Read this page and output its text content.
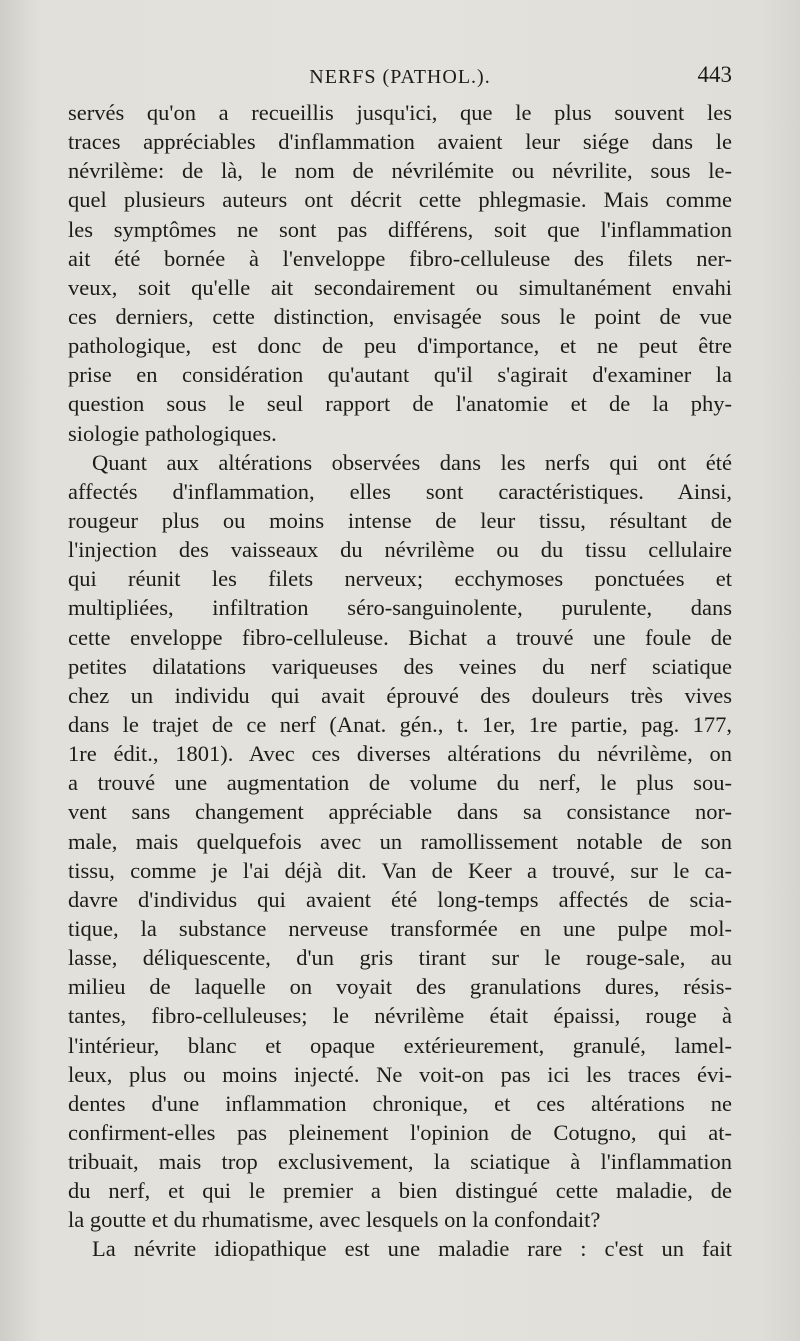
NERFS (PATHOL.).	443
servés qu'on a recueillis jusqu'ici, que le plus souvent les
traces appréciables d'inflammation avaient leur siége dans le
névrilème: de là, le nom de névrilémite ou névrilite, sous le-
quel plusieurs auteurs ont décrit cette phlegmasie. Mais comme
les symptômes ne sont pas différens, soit que l'inflammation
ait été bornée à l'enveloppe fibro-celluleuse des filets ner-
veux, soit qu'elle ait secondairement ou simultanément envahi
ces derniers, cette distinction, envisagée sous le point de vue
pathologique, est donc de peu d'importance, et ne peut être
prise en considération qu'autant qu'il s'agirait d'examiner la
question sous le seul rapport de l'anatomie et de la phy-
siologie pathologiques.
Quant aux altérations observées dans les nerfs qui ont été
affectés d'inflammation, elles sont caractéristiques. Ainsi,
rougeur plus ou moins intense de leur tissu, résultant de
l'injection des vaisseaux du névrilème ou du tissu cellulaire
qui réunit les filets nerveux; ecchymoses ponctuées et
multipliées, infiltration séro-sanguinolente, purulente, dans
cette enveloppe fibro-celluleuse. Bichat a trouvé une foule de
petites dilatations variqueuses des veines du nerf sciatique
chez un individu qui avait éprouvé des douleurs très vives
dans le trajet de ce nerf (Anat. gén., t. 1er, 1re partie, pag. 177,
1re édit., 1801). Avec ces diverses altérations du névrilème, on
a trouvé une augmentation de volume du nerf, le plus sou-
vent sans changement appréciable dans sa consistance nor-
male, mais quelquefois avec un ramollissement notable de son
tissu, comme je l'ai déjà dit. Van de Keer a trouvé, sur le ca-
davre d'individus qui avaient été long-temps affectés de scia-
tique, la substance nerveuse transformée en une pulpe mol-
lasse, déliquescente, d'un gris tirant sur le rouge-sale, au
milieu de laquelle on voyait des granulations dures, résis-
tantes, fibro-celluleuses; le névrilème était épaissi, rouge à
l'intérieur, blanc et opaque extérieurement, granulé, lamel-
leux, plus ou moins injecté. Ne voit-on pas ici les traces évi-
dentes d'une inflammation chronique, et ces altérations ne
confirment-elles pas pleinement l'opinion de Cotugno, qui at-
tribuait, mais trop exclusivement, la sciatique à l'inflammation
du nerf, et qui le premier a bien distingué cette maladie, de
la goutte et du rhumatisme, avec lesquels on la confondait?
La névrite idiopathique est une maladie rare : c'est un fait
